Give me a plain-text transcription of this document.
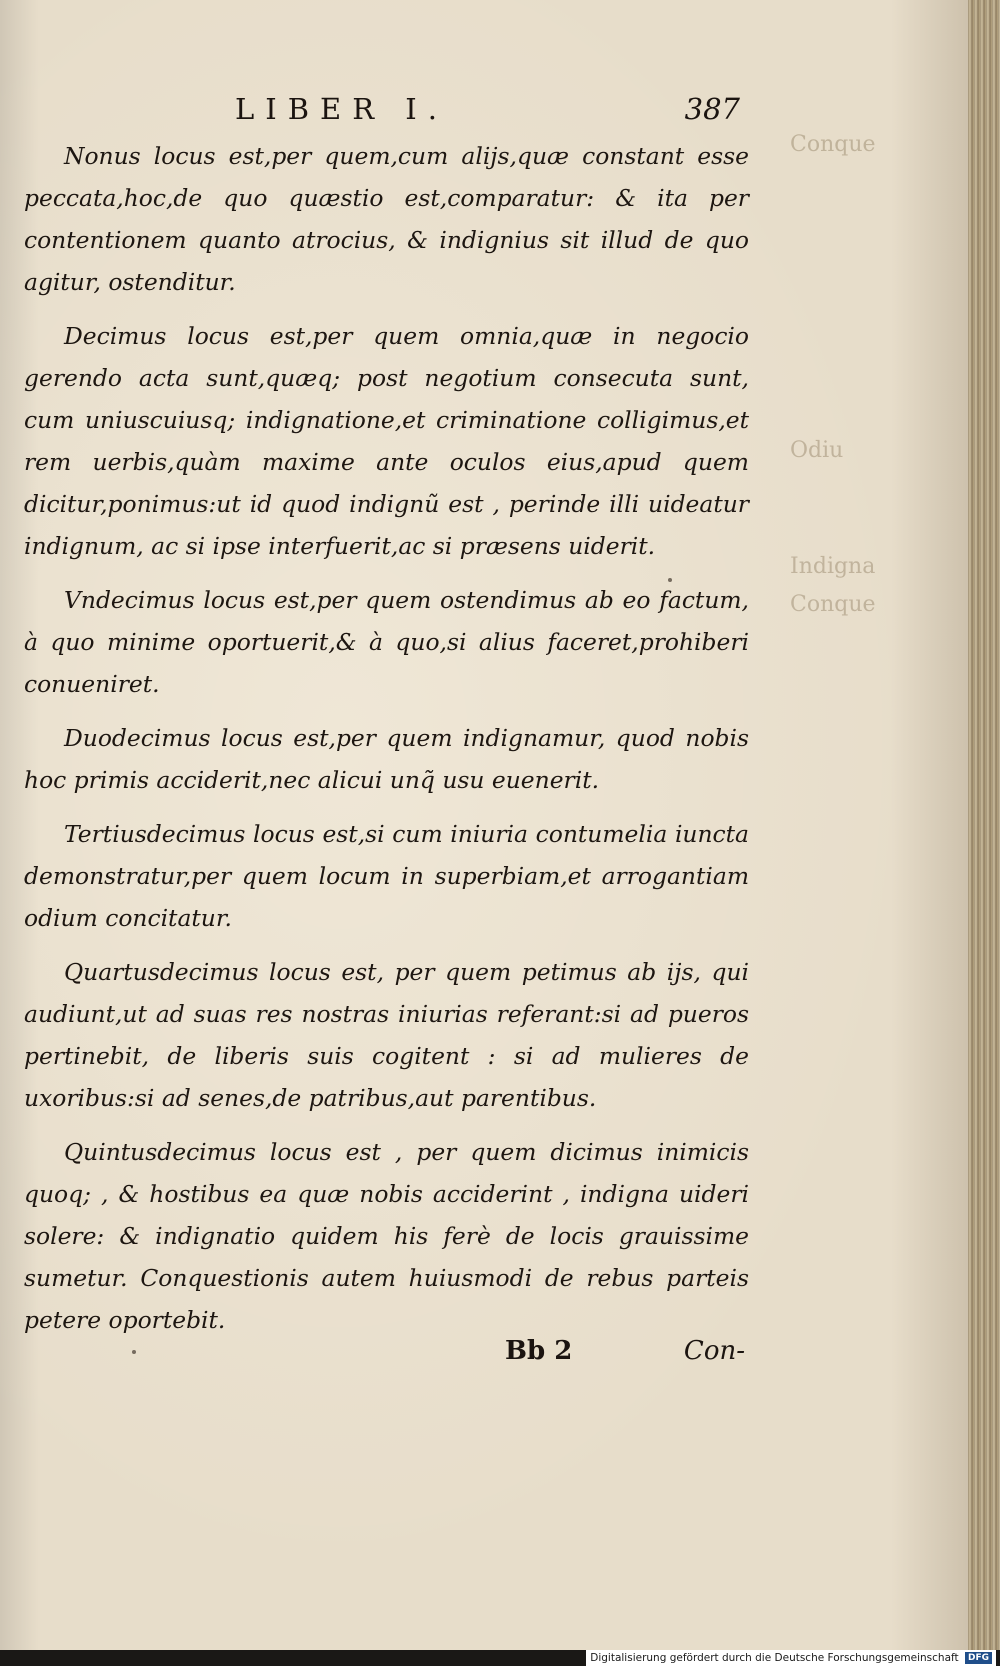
Conque
Odiu
Indigna
Conque
LIBER I.	387

Nonus locus est,per quem,cum alijs,quæ constant esse peccata,hoc,de quo quæstio est,comparatur: & ita per contentionem quanto atrocius, & indignius sit illud de quo agitur, ostenditur.

Decimus locus est,per quem omnia,quæ in negocio gerendo acta sunt,quæq; post negotium consecuta sunt, cum uniuscuiusq; indignatione,et criminatione colligimus,et rem uerbis,quàm maxime ante oculos eius,apud quem dicitur,ponimus:ut id quod indignũ est , perinde illi uideatur indignum, ac si ipse interfuerit,ac si præsens uiderit.

Vndecimus locus est,per quem ostendimus ab eo factum, à quo minime oportuerit,& à quo,si alius faceret,prohiberi conueniret.

Duodecimus locus est,per quem indignamur, quod nobis hoc primis acciderit,nec alicui unq̃ usu euenerit.

Tertiusdecimus locus est,si cum iniuria contumelia iuncta demonstratur,per quem locum in superbiam,et arrogantiam odium concitatur.

Quartusdecimus locus est, per quem petimus ab ijs, qui audiunt,ut ad suas res nostras iniurias referant:si ad pueros pertinebit, de liberis suis cogitent : si ad mulieres de uxoribus:si ad senes,de patribus,aut parentibus.

Quintusdecimus locus est , per quem dicimus inimicis quoq; , & hostibus ea quæ nobis acciderint , indigna uideri solere: & indignatio quidem his ferè de locis grauissime sumetur. Conquestionis autem huiusmodi de rebus parteis petere oportebit.

Bb 2	Con-
Digitalisierung gefördert durch die Deutsche Forschungsgemeinschaft DFG
